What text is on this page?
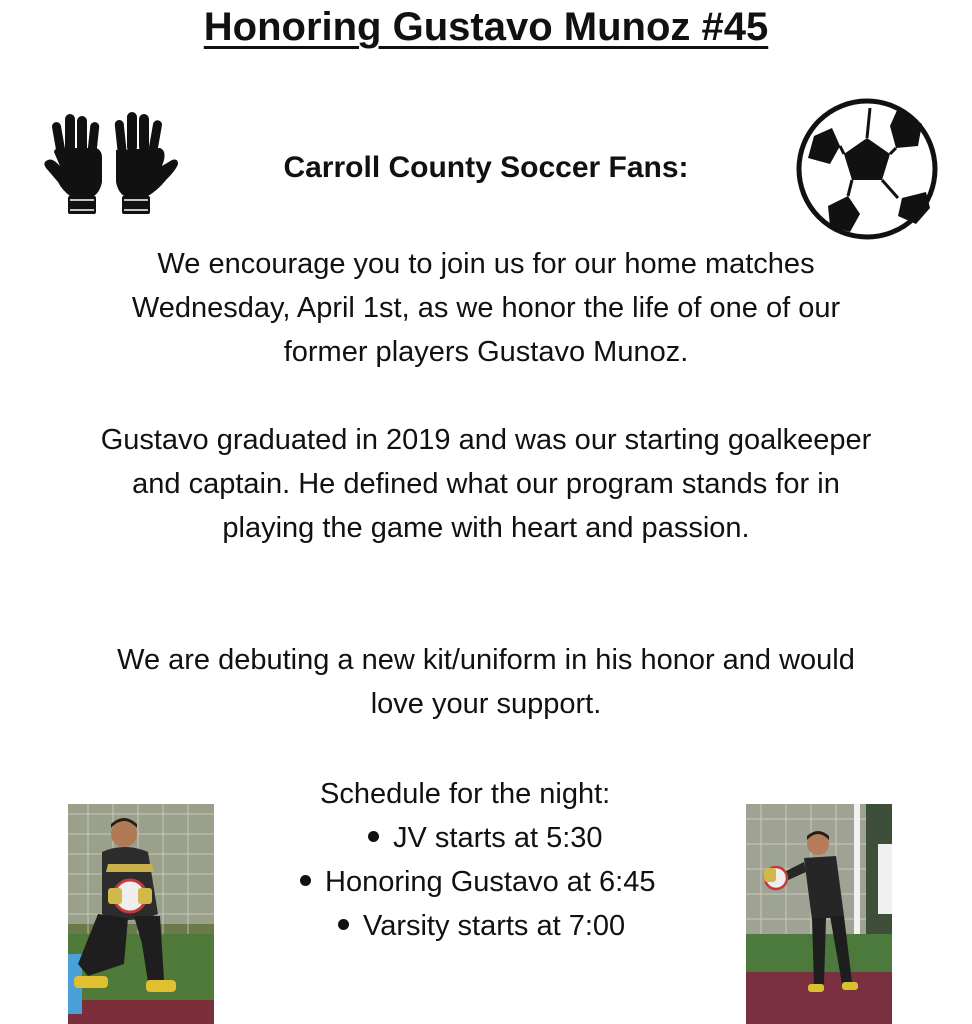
Honoring Gustavo Munoz #45
Carroll County Soccer Fans:

We encourage you to join us for our home matches Wednesday, April 1st, as we honor the life of one of our former players Gustavo Munoz.

Gustavo graduated in 2019 and was our starting goalkeeper and captain. He defined what our program stands for in playing the game with heart and passion.

We are debuting a new kit/uniform in his honor and would love your support.

Schedule for the night:
JV starts at 5:30
Honoring Gustavo at 6:45
Varsity starts at 7:00
